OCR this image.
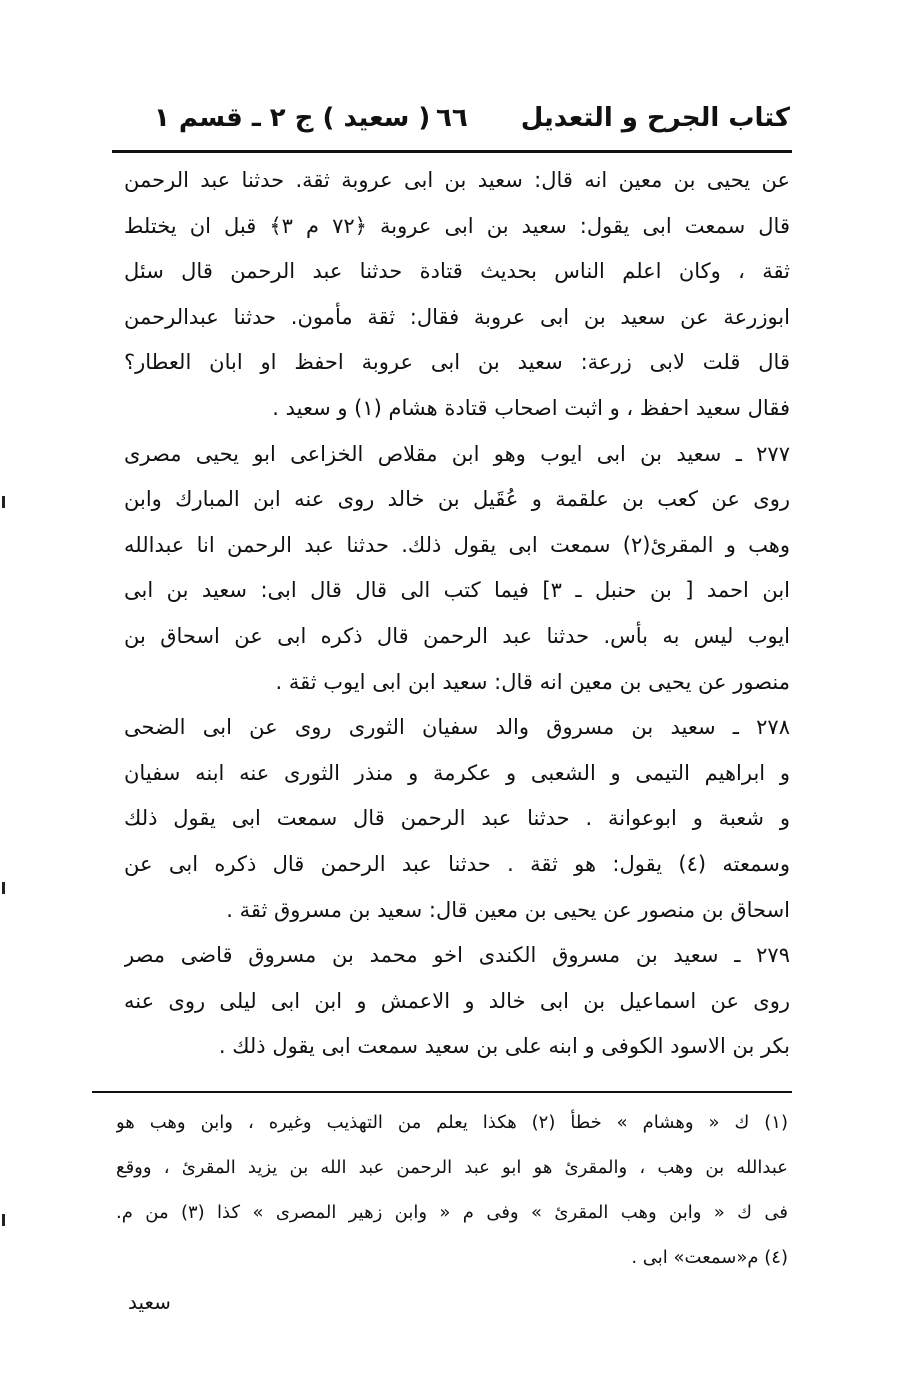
كتاب الجرح و التعديل
٦٦
( سعيد ) ج ٢ ـ قسم ١
عن يحيى بن معين انه قال: سعيد بن ابى عروبة ثقة. حدثنا عبد الرحمن
قال سمعت ابى يقول: سعيد بن ابى عروبة ﴿٧٢ م ٣﴾ قبل ان يختلط
ثقة ، وكان اعلم الناس بحديث قتادة حدثنا عبد الرحمن قال سئل
ابوزرعة عن سعيد بن ابى عروبة فقال: ثقة مأمون. حدثنا عبدالرحمن
قال قلت لابى زرعة: سعيد بن ابى عروبة احفظ او ابان العطار؟
فقال سعيد احفظ ، و اثبت اصحاب قتادة هشام (١) و سعيد .
٢٧٧ ـ سعيد بن ابى ايوب وهو ابن مقلاص الخزاعى ابو يحيى مصرى
روى عن كعب بن علقمة و عُقَيل بن خالد روى عنه ابن المبارك وابن
وهب و المقرئ(٢) سمعت ابى يقول ذلك. حدثنا عبد الرحمن انا عبدالله
ابن احمد [ بن حنبل ـ ٣] فيما كتب الى قال قال ابى: سعيد بن ابى
ايوب ليس به بأس. حدثنا عبد الرحمن قال ذكره ابى عن اسحاق بن
منصور عن يحيى بن معين انه قال: سعيد ابن ابى ايوب ثقة .
٢٧٨ ـ سعيد بن مسروق والد سفيان الثورى روى عن ابى الضحى
و ابراهيم التيمى و الشعبى و عكرمة و منذر الثورى عنه ابنه سفيان
و شعبة و ابوعوانة . حدثنا عبد الرحمن قال سمعت ابى يقول ذلك
وسمعته (٤) يقول: هو ثقة . حدثنا عبد الرحمن قال ذكره ابى عن
اسحاق بن منصور عن يحيى بن معين قال: سعيد بن مسروق ثقة .
٢٧٩ ـ سعيد بن مسروق الكندى اخو محمد بن مسروق قاضى مصر
روى عن اسماعيل بن ابى خالد و الاعمش و ابن ابى ليلى روى عنه
بكر بن الاسود الكوفى و ابنه على بن سعيد سمعت ابى يقول ذلك .
(١) ك « وهشام » خطأ (٢) هكذا يعلم من التهذيب وغيره ، وابن وهب هو
عبدالله بن وهب ، والمقرئ هو ابو عبد الرحمن عبد الله بن يزيد المقرئ ، ووقع
فى ك « وابن وهب المقرئ » وفى م « وابن زهير المصرى » كذا (٣) من م.
(٤) م«سمعت» ابى .
سعيد
